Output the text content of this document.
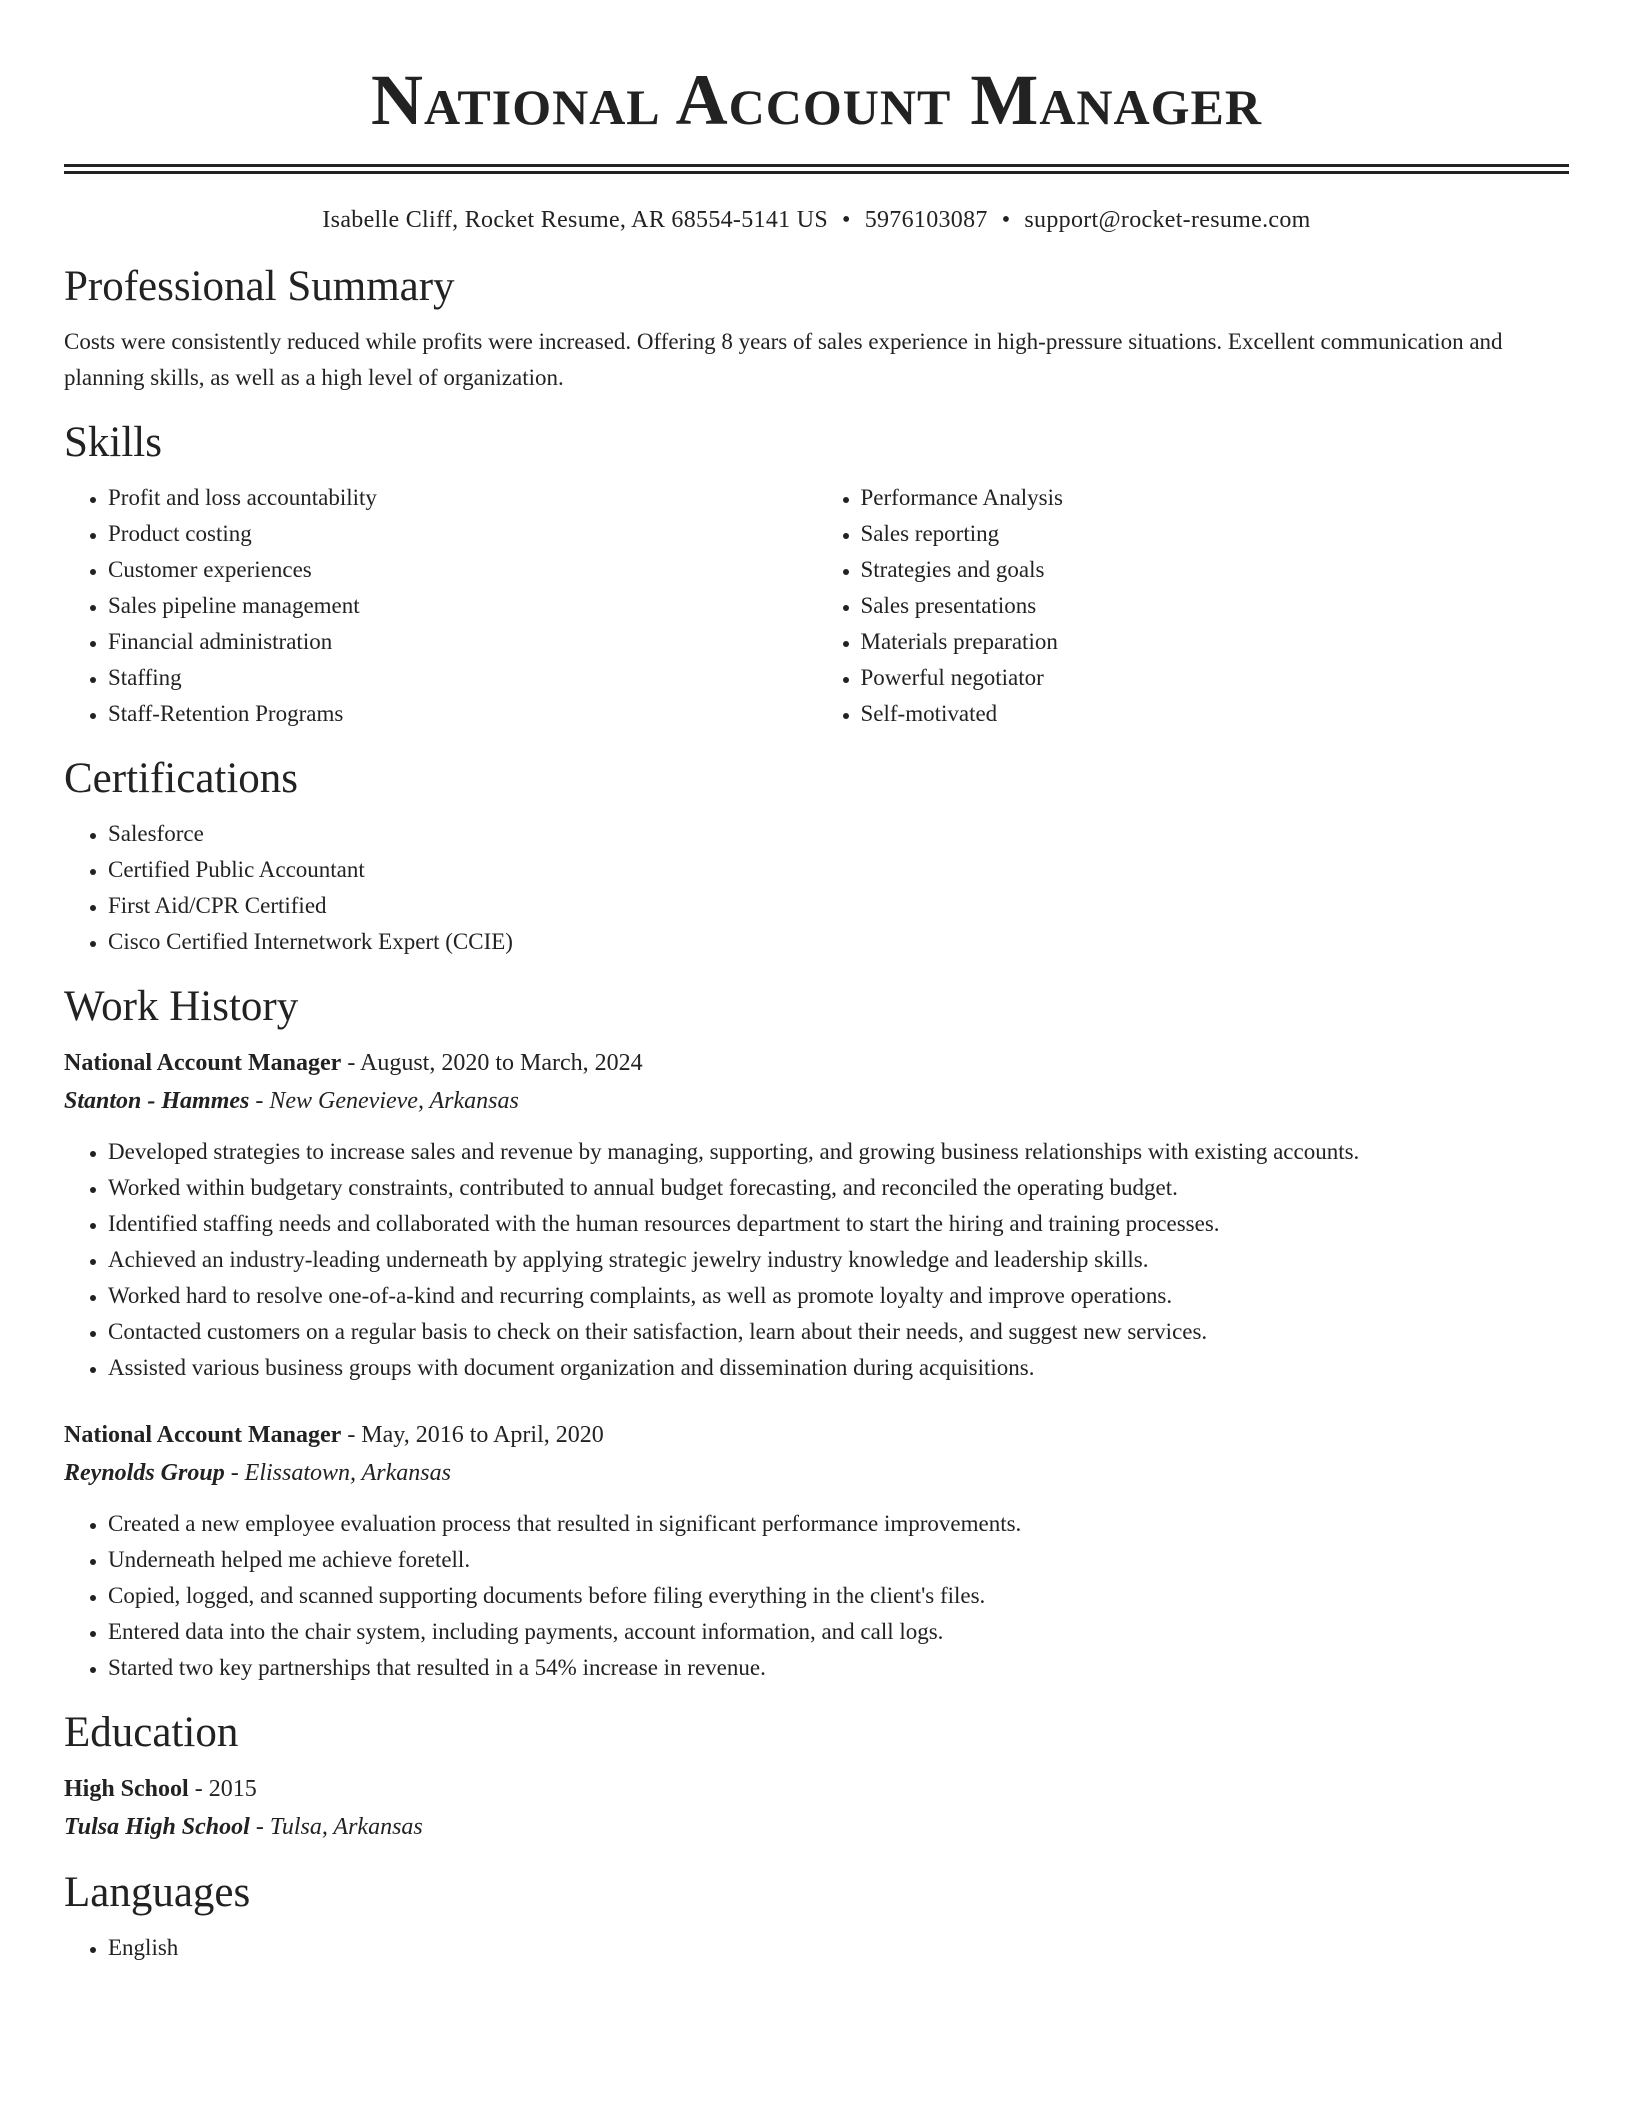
National Account Manager
Isabelle Cliff, Rocket Resume, AR 68554-5141 US • 5976103087 • support@rocket-resume.com
Professional Summary

Costs were consistently reduced while profits were increased. Offering 8 years of sales experience in high-pressure situations. Excellent communication and planning skills, as well as a high level of organization.

Skills
• Profit and loss accountability
• Product costing
• Customer experiences
• Sales pipeline management
• Financial administration
• Staffing
• Staff-Retention Programs
• Performance Analysis
• Sales reporting
• Strategies and goals
• Sales presentations
• Materials preparation
• Powerful negotiator
• Self-motivated
Certifications
• Salesforce
• Certified Public Accountant
• First Aid/CPR Certified
• Cisco Certified Internetwork Expert (CCIE)
Work History
National Account Manager - August, 2020 to March, 2024
Stanton - Hammes - New Genevieve, Arkansas
• Developed strategies to increase sales and revenue by managing, supporting, and growing business relationships with existing accounts.
• Worked within budgetary constraints, contributed to annual budget forecasting, and reconciled the operating budget.
• Identified staffing needs and collaborated with the human resources department to start the hiring and training processes.
• Achieved an industry-leading underneath by applying strategic jewelry industry knowledge and leadership skills.
• Worked hard to resolve one-of-a-kind and recurring complaints, as well as promote loyalty and improve operations.
• Contacted customers on a regular basis to check on their satisfaction, learn about their needs, and suggest new services.
• Assisted various business groups with document organization and dissemination during acquisitions.
National Account Manager - May, 2016 to April, 2020
Reynolds Group - Elissatown, Arkansas
• Created a new employee evaluation process that resulted in significant performance improvements.
• Underneath helped me achieve foretell.
• Copied, logged, and scanned supporting documents before filing everything in the client's files.
• Entered data into the chair system, including payments, account information, and call logs.
• Started two key partnerships that resulted in a 54% increase in revenue.
Education
High School - 2015
Tulsa High School - Tulsa, Arkansas
Languages
• English
